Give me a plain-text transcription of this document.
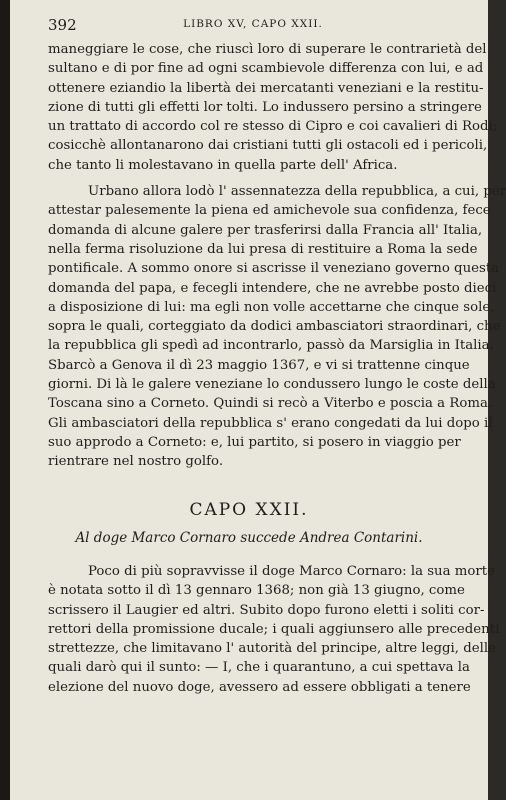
392	LIBRO XV, CAPO XXII.
maneggiare le cose, che riuscì loro di superare le contrarietà del
sultano e di por fine ad ogni scambievole differenza con lui, e ad
ottenere eziandio la libertà dei mercatanti veneziani e la restitu-
zione di tutti gli effetti lor tolti. Lo indussero persino a stringere
un trattato di accordo col re stesso di Cipro e coi cavalieri di Rodi;
cosicchè allontanarono dai cristiani tutti gli ostacoli ed i pericoli,
che tanto li molestavano in quella parte dell' Africa.
Urbano allora lodò l' assennatezza della repubblica, a cui, per
attestar palesemente la piena ed amichevole sua confidenza, fece
domanda di alcune galere per trasferirsi dalla Francia all' Italia,
nella ferma risoluzione da lui presa di restituire a Roma la sede
pontificale. A sommo onore si ascrisse il veneziano governo questa
domanda del papa, e fecegli intendere, che ne avrebbe posto dieci
a disposizione di lui: ma egli non volle accettarne che cinque sole,
sopra le quali, corteggiato da dodici ambasciatori straordinari, che
la repubblica gli spedì ad incontrarlo, passò da Marsiglia in Italia.
Sbarcò a Genova il dì 23 maggio 1367, e vi si trattenne cinque
giorni. Di là le galere veneziane lo condussero lungo le coste della
Toscana sino a Corneto. Quindi si recò a Viterbo e poscia a Roma.
Gli ambasciatori della repubblica s' erano congedati da lui dopo il
suo approdo a Corneto: e, lui partito, si posero in viaggio per
rientrare nel nostro golfo.
CAPO XXII.
Al doge Marco Cornaro succede Andrea Contarini.
Poco di più sopravvisse il doge Marco Cornaro: la sua morte
è notata sotto il dì 13 gennaro 1368; non già 13 giugno, come
scrissero il Laugier ed altri. Subito dopo furono eletti i soliti cor-
rettori della promissione ducale; i quali aggiunsero alle precedenti
strettezze, che limitavano l' autorità del principe, altre leggi, delle
quali darò qui il sunto: — I, che i quarantuno, a cui spettava la
elezione del nuovo doge, avessero ad essere obbligati a tenere
